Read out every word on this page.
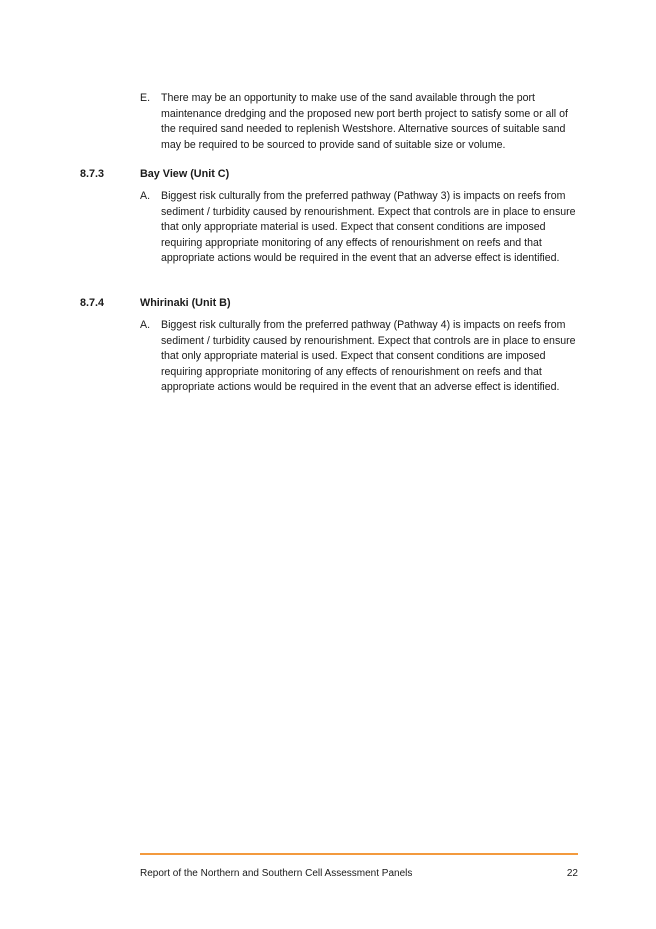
E. There may be an opportunity to make use of the sand available through the port maintenance dredging and the proposed new port berth project to satisfy some or all of the required sand needed to replenish Westshore. Alternative sources of suitable sand may be required to be sourced to provide sand of suitable size or volume.
8.7.3	Bay View (Unit C)
A. Biggest risk culturally from the preferred pathway (Pathway 3) is impacts on reefs from sediment / turbidity caused by renourishment. Expect that controls are in place to ensure that only appropriate material is used. Expect that consent conditions are imposed requiring appropriate monitoring of any effects of renourishment on reefs and that appropriate actions would be required in the event that an adverse effect is identified.
8.7.4	Whirinaki (Unit B)
A. Biggest risk culturally from the preferred pathway (Pathway 4) is impacts on reefs from sediment / turbidity caused by renourishment. Expect that controls are in place to ensure that only appropriate material is used. Expect that consent conditions are imposed requiring appropriate monitoring of any effects of renourishment on reefs and that appropriate actions would be required in the event that an adverse effect is identified.
Report of the Northern and Southern Cell Assessment Panels	22
